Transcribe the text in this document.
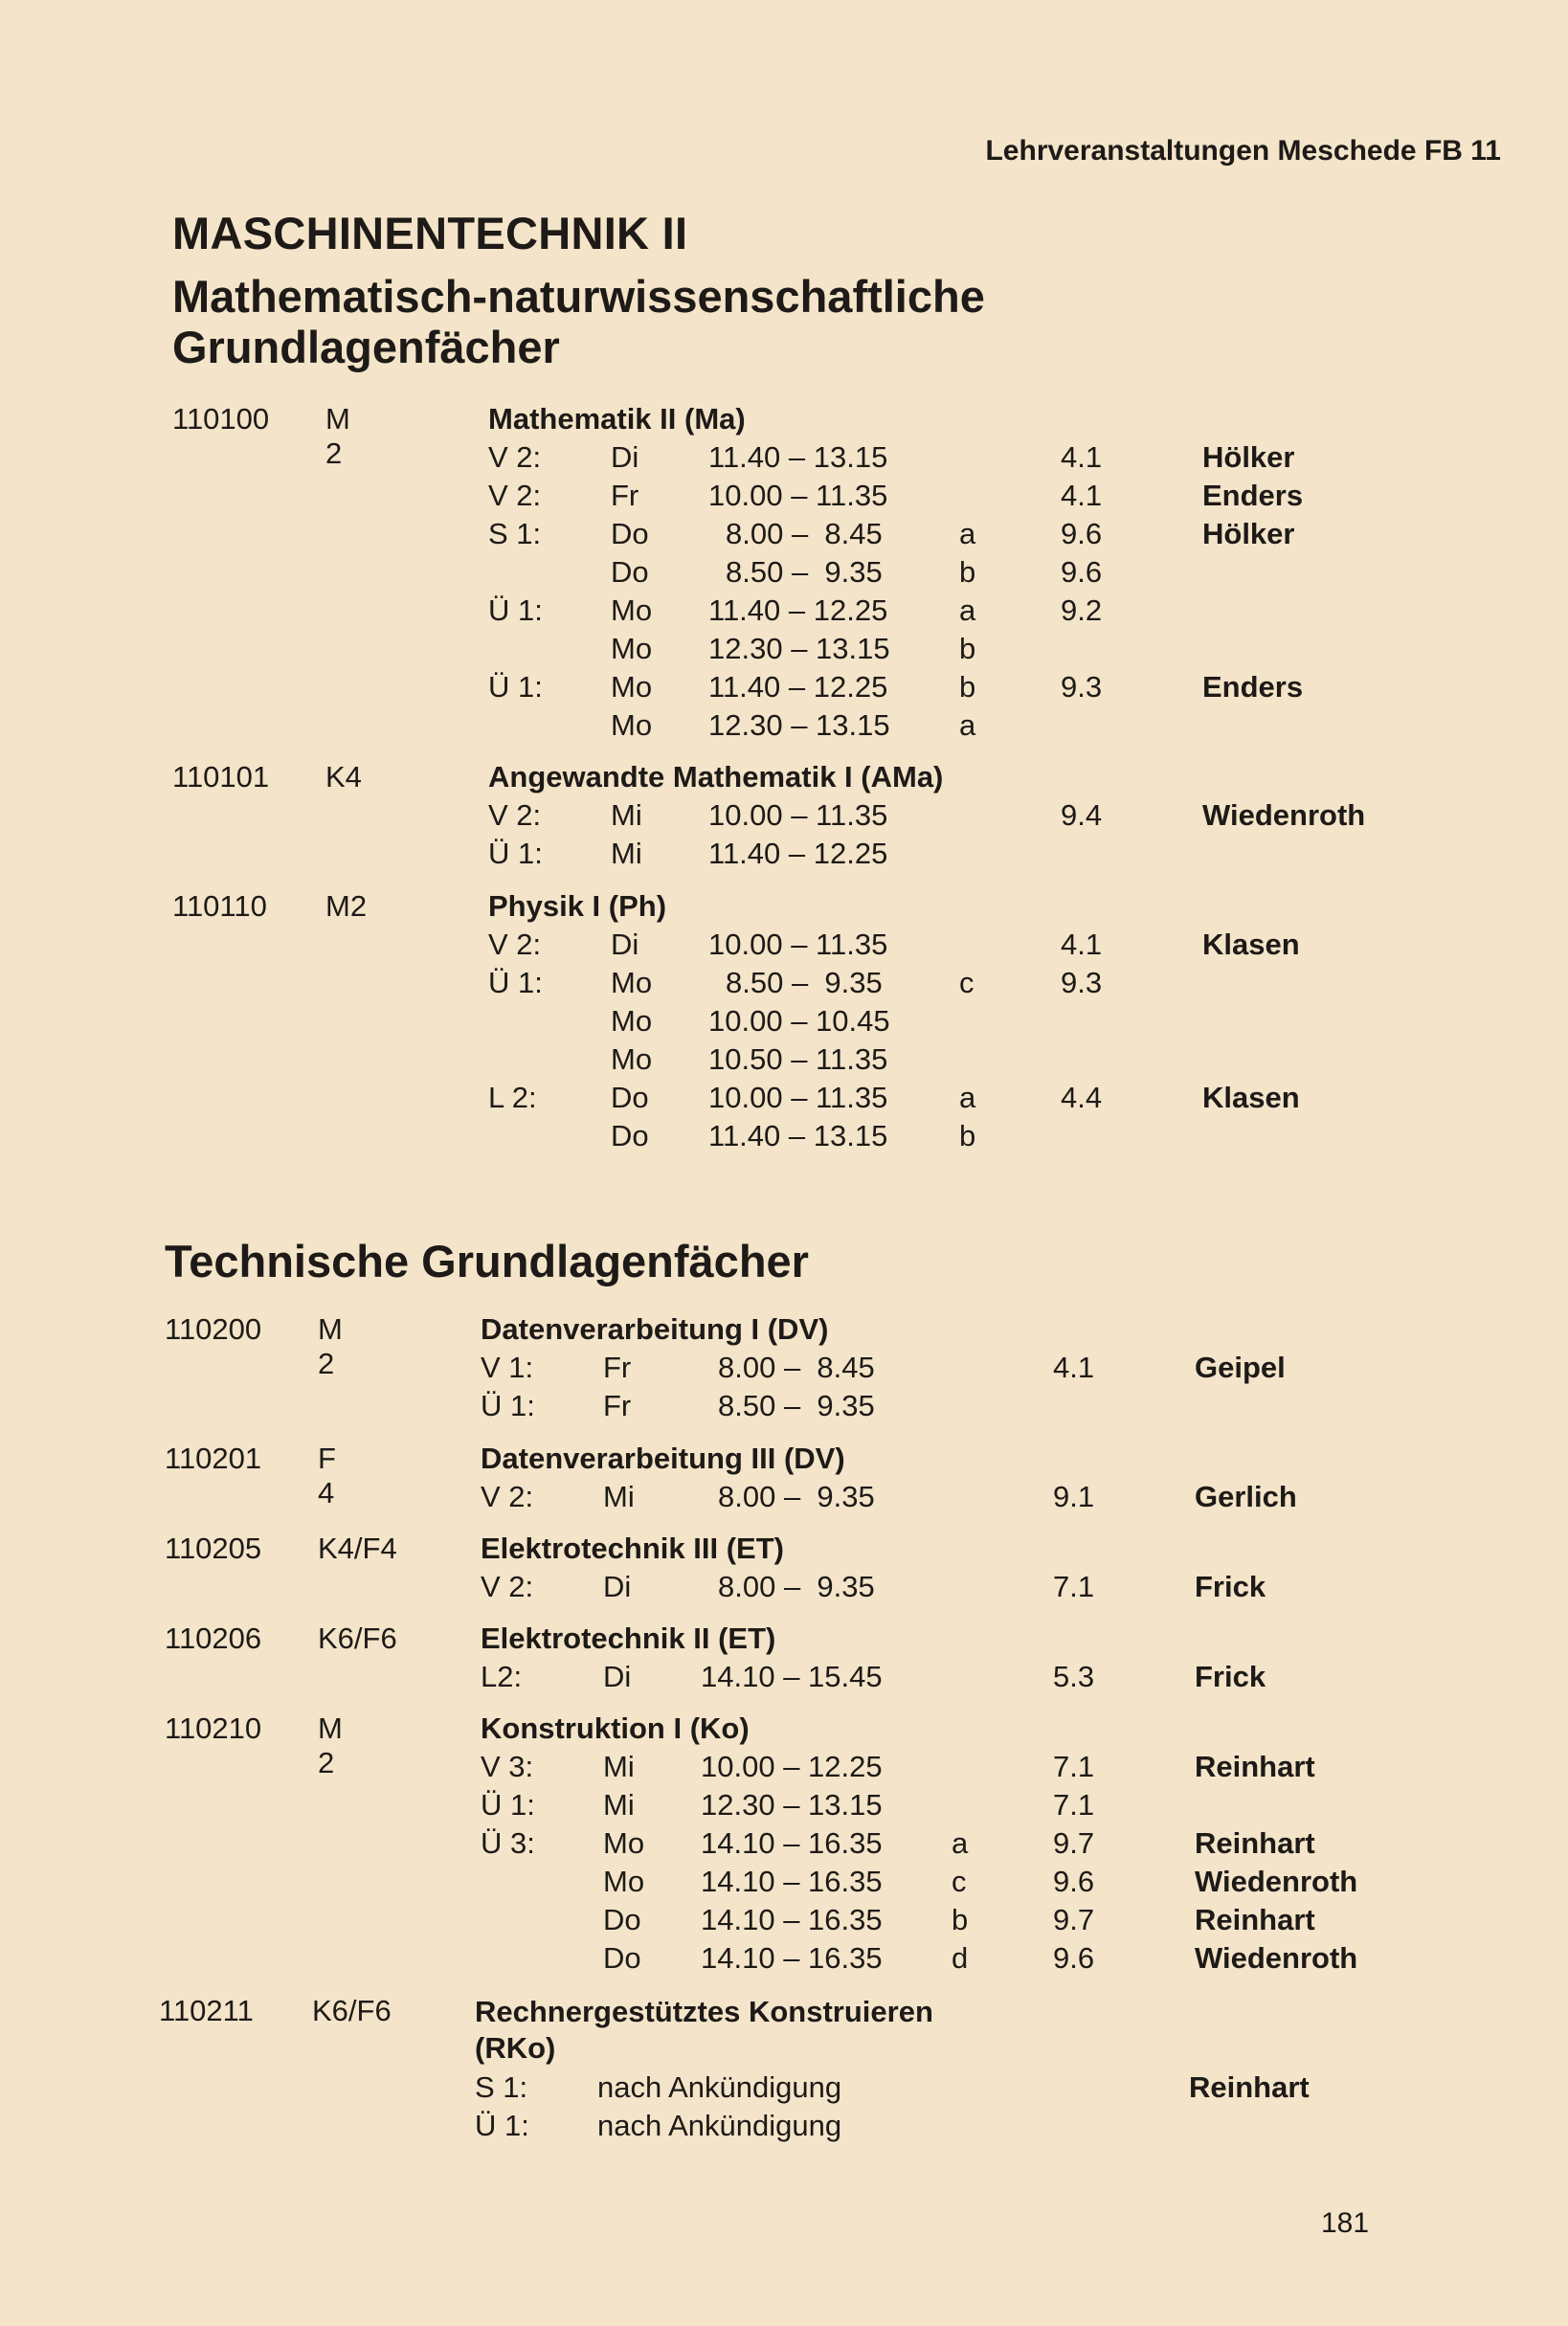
Lehrveranstaltungen Meschede FB 11
MASCHINENTECHNIK II
Mathematisch-naturwissenschaftliche Grundlagenfächer
Technische Grundlagenfächer
110100 M 2
Mathematik II (Ma)
V 2: Di 11.40 – 13.15	4.1	Hölker
V 2: Fr 10.00 – 11.35	4.1	Enders
S 1: Do	8.00 –  8.45	a	9.6	Hölker
Do	8.50 –  9.35	b	9.6
Ü 1: Mo 11.40 – 12.25 a	9.2
Mo 12.30 – 13.15 b
Ü 1: Mo 11.40 – 12.25 b	9.3	Enders
Mo 12.30 – 13.15 a
110101 K4	Angewandte Mathematik I (AMa)
V 2: Mi 10.00 – 11.35	9.4	Wiedenroth
Ü 1: Mi 11.40 – 12.25
110110 M2	Physik I (Ph)
V 2: Di 10.00 – 11.35	4.1	Klasen
Ü 1: Mo 8.50 –  9.35	c	9.3
Mo 10.00 – 10.45
Mo 10.50 – 11.35
L 2: Do 10.00 – 11.35 a	4.4	Klasen
Do 11.40 – 13.15 b
110200 M 2
Datenverarbeitung I (DV)
V 1: Fr	8.00 –  8.45	4.1	Geipel
Ü 1: Fr	8.50 –  9.35
110201 F 4
Datenverarbeitung III (DV)
V 2: Mi	8.00 –  9.35	9.1	Gerlich
110205 K4/F4	Elektrotechnik III (ET)
V 2: Di	8.00 –  9.35	7.1	Frick
110206 K6/F6	Elektrotechnik II (ET)
L2:	Di 14.10 – 15.45	5.3	Frick
110210 M 2
Konstruktion I (Ko)
V 3: Mi 10.00 – 12.25	7.1	Reinhart
Ü 1: Mi 12.30 – 13.15	7.1
Ü 3: Mo 14.10 – 16.35 a	9.7	Reinhart
Mo 14.10 – 16.35 c	9.6	Wiedenroth
Do 14.10 – 16.35 b	9.7	Reinhart
Do 14.10 – 16.35 d	9.6	Wiedenroth
110211 K6/F6	Rechnergestütztes Konstruieren (RKo)
S 1: nach Ankündigung	Reinhart
Ü 1: nach Ankündigung
181
